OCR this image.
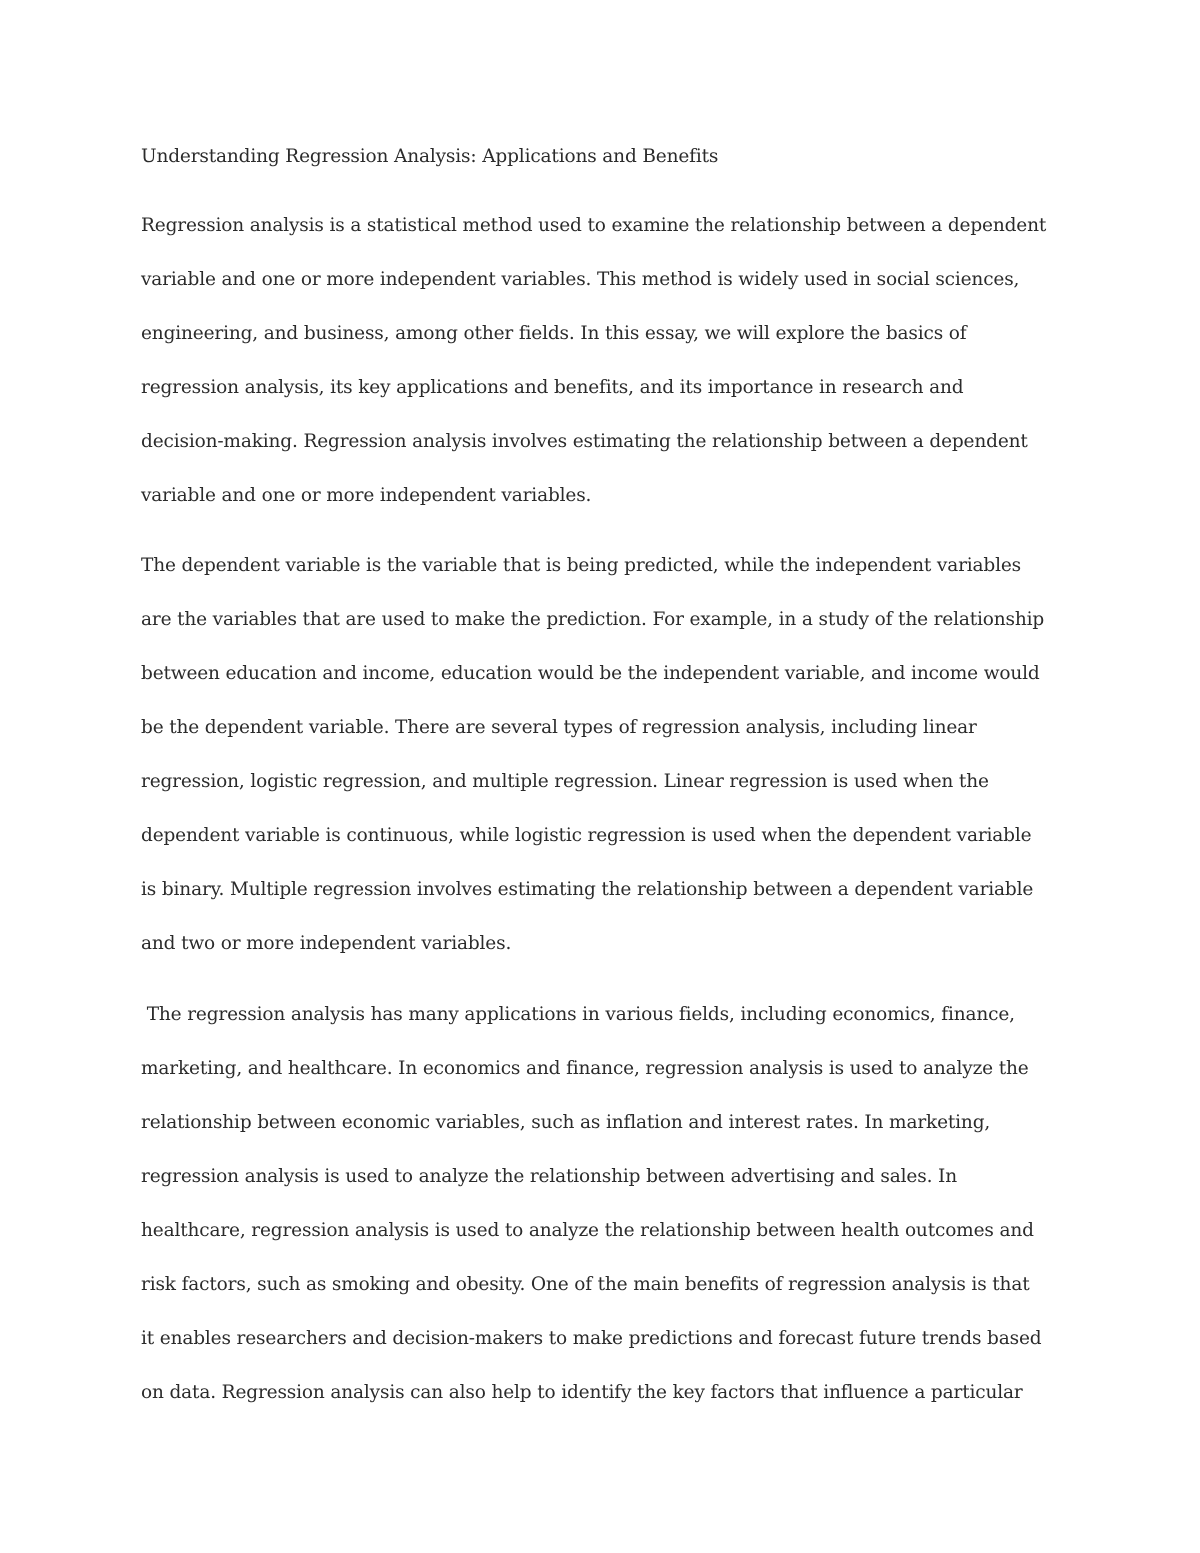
Understanding Regression Analysis: Applications and Benefits

Regression analysis is a statistical method used to examine the relationship between a dependent

variable and one or more independent variables. This method is widely used in social sciences,

engineering, and business, among other fields. In this essay, we will explore the basics of

regression analysis, its key applications and benefits, and its importance in research and

decision-making. Regression analysis involves estimating the relationship between a dependent

variable and one or more independent variables.

The dependent variable is the variable that is being predicted, while the independent variables

are the variables that are used to make the prediction. For example, in a study of the relationship

between education and income, education would be the independent variable, and income would

be the dependent variable. There are several types of regression analysis, including linear

regression, logistic regression, and multiple regression. Linear regression is used when the

dependent variable is continuous, while logistic regression is used when the dependent variable

is binary. Multiple regression involves estimating the relationship between a dependent variable

and two or more independent variables.

The regression analysis has many applications in various fields, including economics, finance,

marketing, and healthcare. In economics and finance, regression analysis is used to analyze the

relationship between economic variables, such as inflation and interest rates. In marketing,

regression analysis is used to analyze the relationship between advertising and sales. In

healthcare, regression analysis is used to analyze the relationship between health outcomes and

risk factors, such as smoking and obesity. One of the main benefits of regression analysis is that

it enables researchers and decision-makers to make predictions and forecast future trends based

on data. Regression analysis can also help to identify the key factors that influence a particular
